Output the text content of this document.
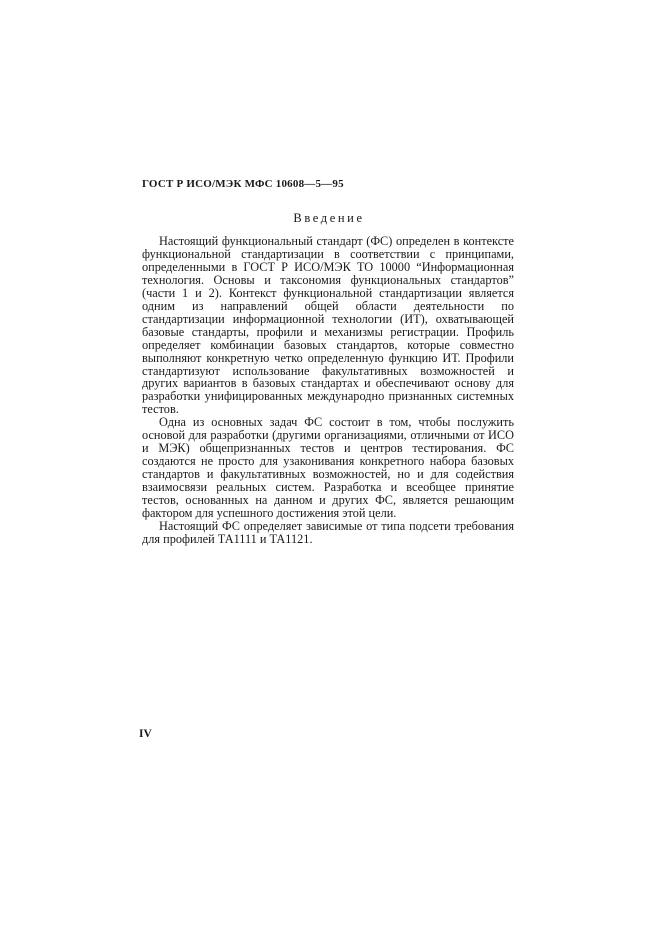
ГОСТ Р ИСО/МЭК МФС 10608—5—95
Введение

Настоящий функциональный стандарт (ФС) определен в контексте функциональной стандартизации в соответствии с принципами, определенными в ГОСТ Р ИСО/МЭК ТО 10000 “Информационная технология. Основы и таксономия функциональных стандартов” (части 1 и 2). Контекст функциональной стандартизации является одним из направлений общей области деятельности по стандартизации информационной технологии (ИТ), охватывающей базовые стандарты, профили и механизмы регистрации. Профиль определяет комбинации базовых стандартов, которые совместно выполняют конкретную четко определенную функцию ИТ. Профили стандартизуют использование факультативных возможностей и других вариантов в базовых стандартах и обеспечивают основу для разработки унифицированных международно признанных системных тестов.

Одна из основных задач ФС состоит в том, чтобы послужить основой для разработки (другими организациями, отличными от ИСО и МЭК) общепризнанных тестов и центров тестирования. ФС создаются не просто для узаконивания конкретного набора базовых стандартов и факультативных возможностей, но и для содействия взаимосвязи реальных систем. Разработка и всеобщее принятие тестов, основанных на данном и других ФС, является решающим фактором для успешного достижения этой цели.

Настоящий ФС определяет зависимые от типа подсети требования для профилей ТА1111 и ТА1121.

IV
